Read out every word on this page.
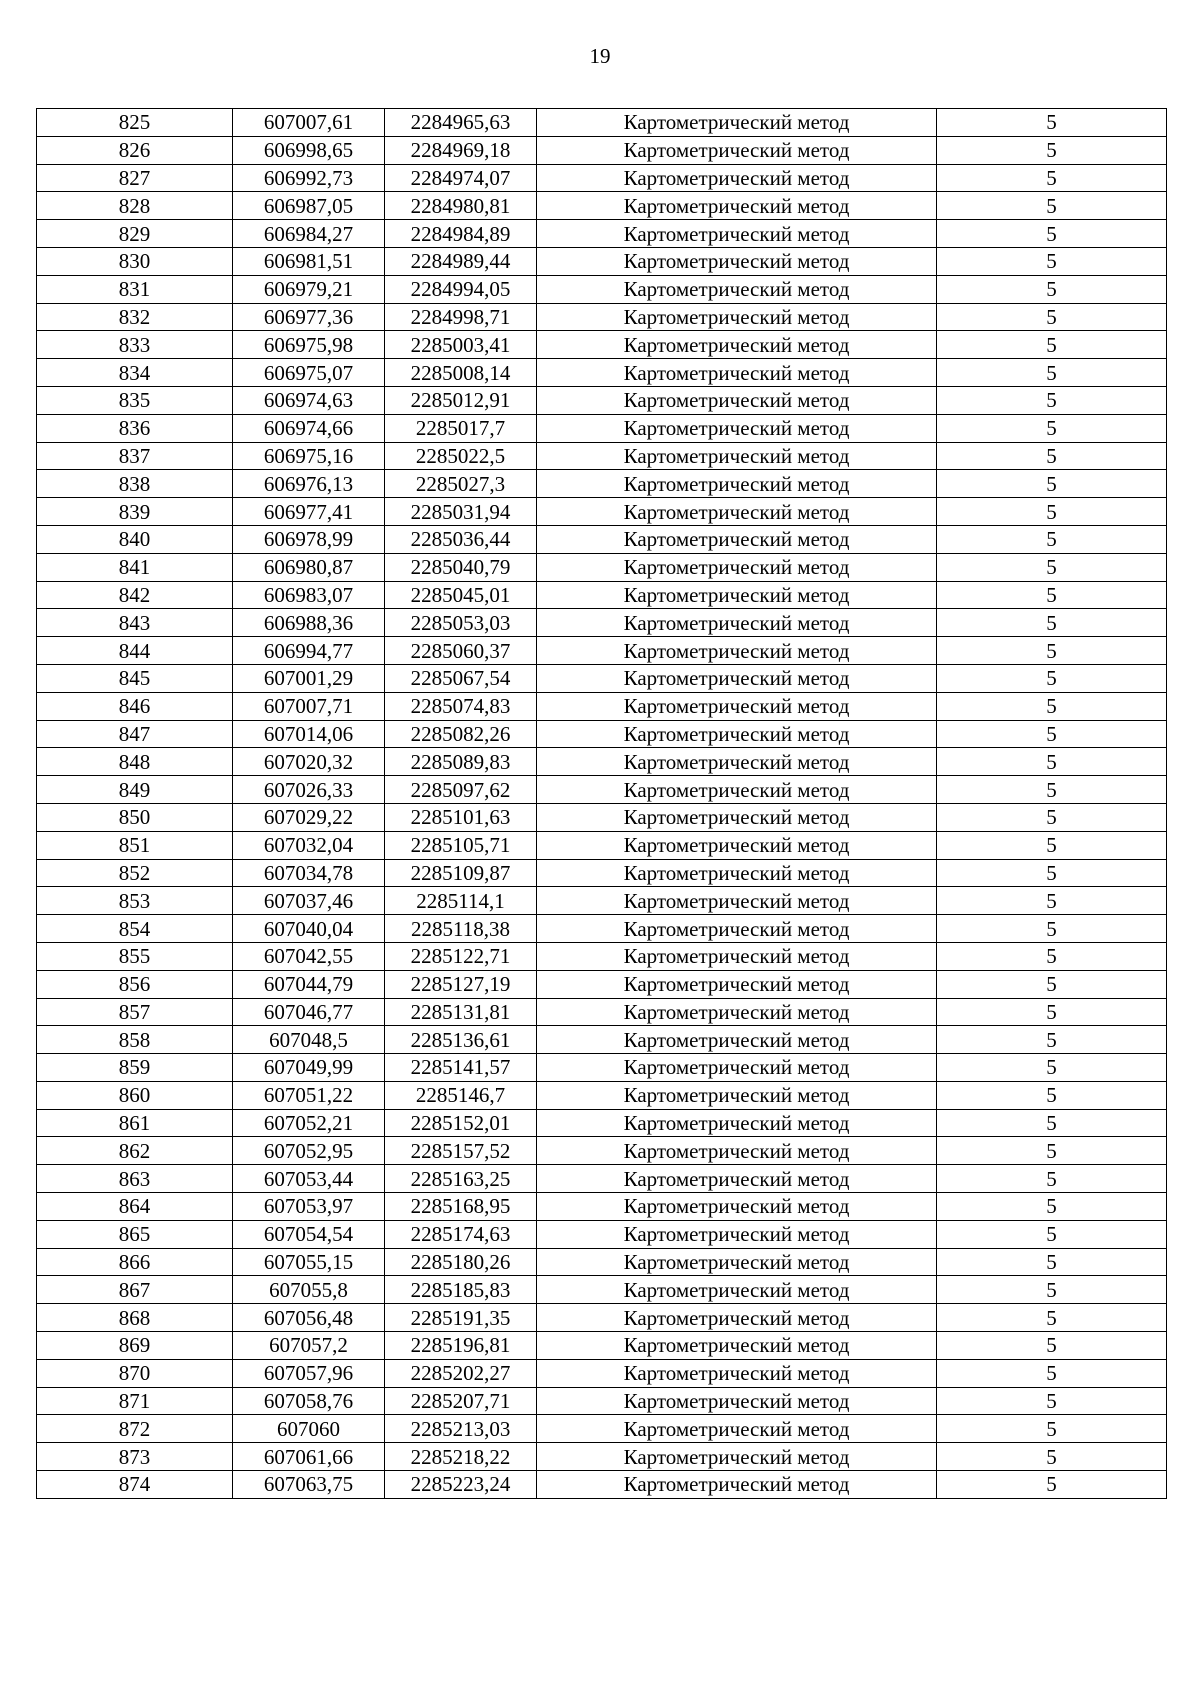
19
825	607007,61	2284965,63	Картометрический метод	5
826	606998,65	2284969,18	Картометрический метод	5
827	606992,73	2284974,07	Картометрический метод	5
828	606987,05	2284980,81	Картометрический метод	5
829	606984,27	2284984,89	Картометрический метод	5
830	606981,51	2284989,44	Картометрический метод	5
831	606979,21	2284994,05	Картометрический метод	5
832	606977,36	2284998,71	Картометрический метод	5
833	606975,98	2285003,41	Картометрический метод	5
834	606975,07	2285008,14	Картометрический метод	5
835	606974,63	2285012,91	Картометрический метод	5
836	606974,66	2285017,7	Картометрический метод	5
837	606975,16	2285022,5	Картометрический метод	5
838	606976,13	2285027,3	Картометрический метод	5
839	606977,41	2285031,94	Картометрический метод	5
840	606978,99	2285036,44	Картометрический метод	5
841	606980,87	2285040,79	Картометрический метод	5
842	606983,07	2285045,01	Картометрический метод	5
843	606988,36	2285053,03	Картометрический метод	5
844	606994,77	2285060,37	Картометрический метод	5
845	607001,29	2285067,54	Картометрический метод	5
846	607007,71	2285074,83	Картометрический метод	5
847	607014,06	2285082,26	Картометрический метод	5
848	607020,32	2285089,83	Картометрический метод	5
849	607026,33	2285097,62	Картометрический метод	5
850	607029,22	2285101,63	Картометрический метод	5
851	607032,04	2285105,71	Картометрический метод	5
852	607034,78	2285109,87	Картометрический метод	5
853	607037,46	2285114,1	Картометрический метод	5
854	607040,04	2285118,38	Картометрический метод	5
855	607042,55	2285122,71	Картометрический метод	5
856	607044,79	2285127,19	Картометрический метод	5
857	607046,77	2285131,81	Картометрический метод	5
858	607048,5	2285136,61	Картометрический метод	5
859	607049,99	2285141,57	Картометрический метод	5
860	607051,22	2285146,7	Картометрический метод	5
861	607052,21	2285152,01	Картометрический метод	5
862	607052,95	2285157,52	Картометрический метод	5
863	607053,44	2285163,25	Картометрический метод	5
864	607053,97	2285168,95	Картометрический метод	5
865	607054,54	2285174,63	Картометрический метод	5
866	607055,15	2285180,26	Картометрический метод	5
867	607055,8	2285185,83	Картометрический метод	5
868	607056,48	2285191,35	Картометрический метод	5
869	607057,2	2285196,81	Картометрический метод	5
870	607057,96	2285202,27	Картометрический метод	5
871	607058,76	2285207,71	Картометрический метод	5
872	607060	2285213,03	Картометрический метод	5
873	607061,66	2285218,22	Картометрический метод	5
874	607063,75	2285223,24	Картометрический метод	5
